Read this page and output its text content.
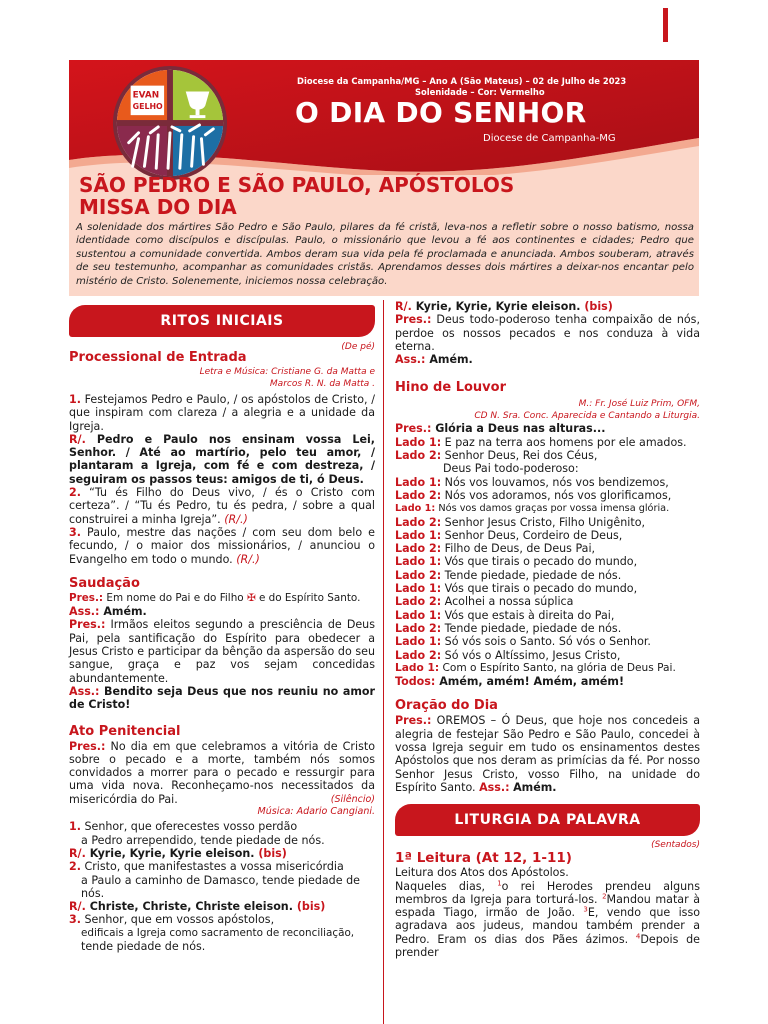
EVAN
GELHO
Diocese da Campanha/MG – Ano A (São Mateus) – 02 de Julho de 2023
Solenidade – Cor: Vermelho
O DIA DO SENHOR
Diocese de Campanha-MG
SÃO PEDRO E SÃO PAULO, APÓSTOLOS
MISSA DO DIA
A solenidade dos mártires São Pedro e São Paulo, pilares da fé cristã, leva-nos a refletir sobre o nosso batismo, nossa identidade como discípulos e discípulas. Paulo, o missionário que levou a fé aos continentes e cidades; Pedro que sustentou a comunidade convertida. Ambos deram sua vida pela fé proclamada e anunciada. Ambos souberam, através de seu testemunho, acompanhar as comunidades cristãs. Aprendamos desses dois mártires a deixar-nos encantar pelo mistério de Cristo. Solenemente, iniciemos nossa celebração.
RITOS INICIAIS
(De pé)
Processional de Entrada
Letra e Música: Cristiane G. da Matta e
Marcos R. N. da Matta .

1. Festejamos Pedro e Paulo, / os apóstolos de Cristo, / que inspiram com clareza / a alegria e a unidade da Igreja.

R/. Pedro e Paulo nos ensinam vossa Lei, Senhor. / Até ao martírio, pelo teu amor, / plantaram a Igreja, com fé e com destreza, / seguiram os passos teus: amigos de ti, ó Deus.

2. “Tu és Filho do Deus vivo, / és o Cristo com certeza”. / “Tu és Pedro, tu és pedra, / sobre a qual construirei a minha Igreja”. (R/.)

3. Paulo, mestre das nações / com seu dom belo e fecundo, / o maior dos missionários, / anunciou o Evangelho em todo o mundo. (R/.)

Saudação

Pres.: Em nome do Pai e do Filho ✠ e do Espírito Santo.

Ass.: Amém.

Pres.: Irmãos eleitos segundo a presciência de Deus Pai, pela santificação do Espírito para obedecer a Jesus Cristo e participar da bênção da aspersão do seu sangue, graça e paz vos sejam concedidas abundantemente.

Ass.: Bendito seja Deus que nos reuniu no amor de Cristo!

Ato Penitencial

Pres.: No dia em que celebramos a vitória de Cristo sobre o pecado e a morte, também nós somos convidados a morrer para o pecado e ressurgir para uma vida nova. Reconheçamo-nos necessitados da misericórdia do Pai.	(Silêncio)
Música: Adario Cangiani.

1. Senhor, que oferecestes vosso perdão

a Pedro arrependido, tende piedade de nós.

R/. Kyrie, Kyrie, Kyrie eleison. (bis)

2. Cristo, que manifestastes a vossa misericórdia

a Paulo a caminho de Damasco, tende piedade de nós.

R/. Christe, Christe, Christe eleison. (bis)

3. Senhor, que em vossos apóstolos,

edificais a Igreja como sacramento de reconciliação,

tende piedade de nós.

R/. Kyrie, Kyrie, Kyrie eleison. (bis)

Pres.: Deus todo-poderoso tenha compaixão de nós, perdoe os nossos pecados e nos conduza à vida eterna.

Ass.: Amém.

Hino de Louvor
M.: Fr. José Luiz Prim, OFM,
CD N. Sra. Conc. Aparecida e Cantando a Liturgia.

Pres.: Glória a Deus nas alturas...

Lado 1: E paz na terra aos homens por ele amados.

Lado 2: Senhor Deus, Rei dos Céus,

Deus Pai todo-poderoso:

Lado 1: Nós vos louvamos, nós vos bendizemos,

Lado 2: Nós vos adoramos, nós vos glorificamos,

Lado 1: Nós vos damos graças por vossa imensa glória.

Lado 2: Senhor Jesus Cristo, Filho Unigênito,

Lado 1: Senhor Deus, Cordeiro de Deus,

Lado 2: Filho de Deus, de Deus Pai,

Lado 1: Vós que tirais o pecado do mundo,

Lado 2: Tende piedade, piedade de nós.

Lado 1: Vós que tirais o pecado do mundo,

Lado 2: Acolhei a nossa súplica

Lado 1: Vós que estais à direita do Pai,

Lado 2: Tende piedade, piedade de nós.

Lado 1: Só vós sois o Santo. Só vós o Senhor.

Lado 2: Só vós o Altíssimo, Jesus Cristo,

Lado 1: Com o Espírito Santo, na glória de Deus Pai.

Todos: Amém, amém! Amém, amém!

Oração do Dia

Pres.: OREMOS – Ó Deus, que hoje nos concedeis a alegria de festejar São Pedro e São Paulo, concedei à vossa Igreja seguir em tudo os ensinamentos destes Apóstolos que nos deram as primícias da fé. Por nosso Senhor Jesus Cristo, vosso Filho, na unidade do Espírito Santo. Ass.: Amém.

LITURGIA DA PALAVRA
(Sentados)
1ª Leitura (At 12, 1-11)

Leitura dos Atos dos Apóstolos.

Naqueles dias, $^1$o rei Herodes prendeu alguns membros da Igreja para torturá-los. $^2$Mandou matar à espada Tiago, irmão de João. $^3$E, vendo que isso agradava aos judeus, mandou também prender a Pedro. Eram os dias dos Pães ázimos. $^4$Depois de prender
